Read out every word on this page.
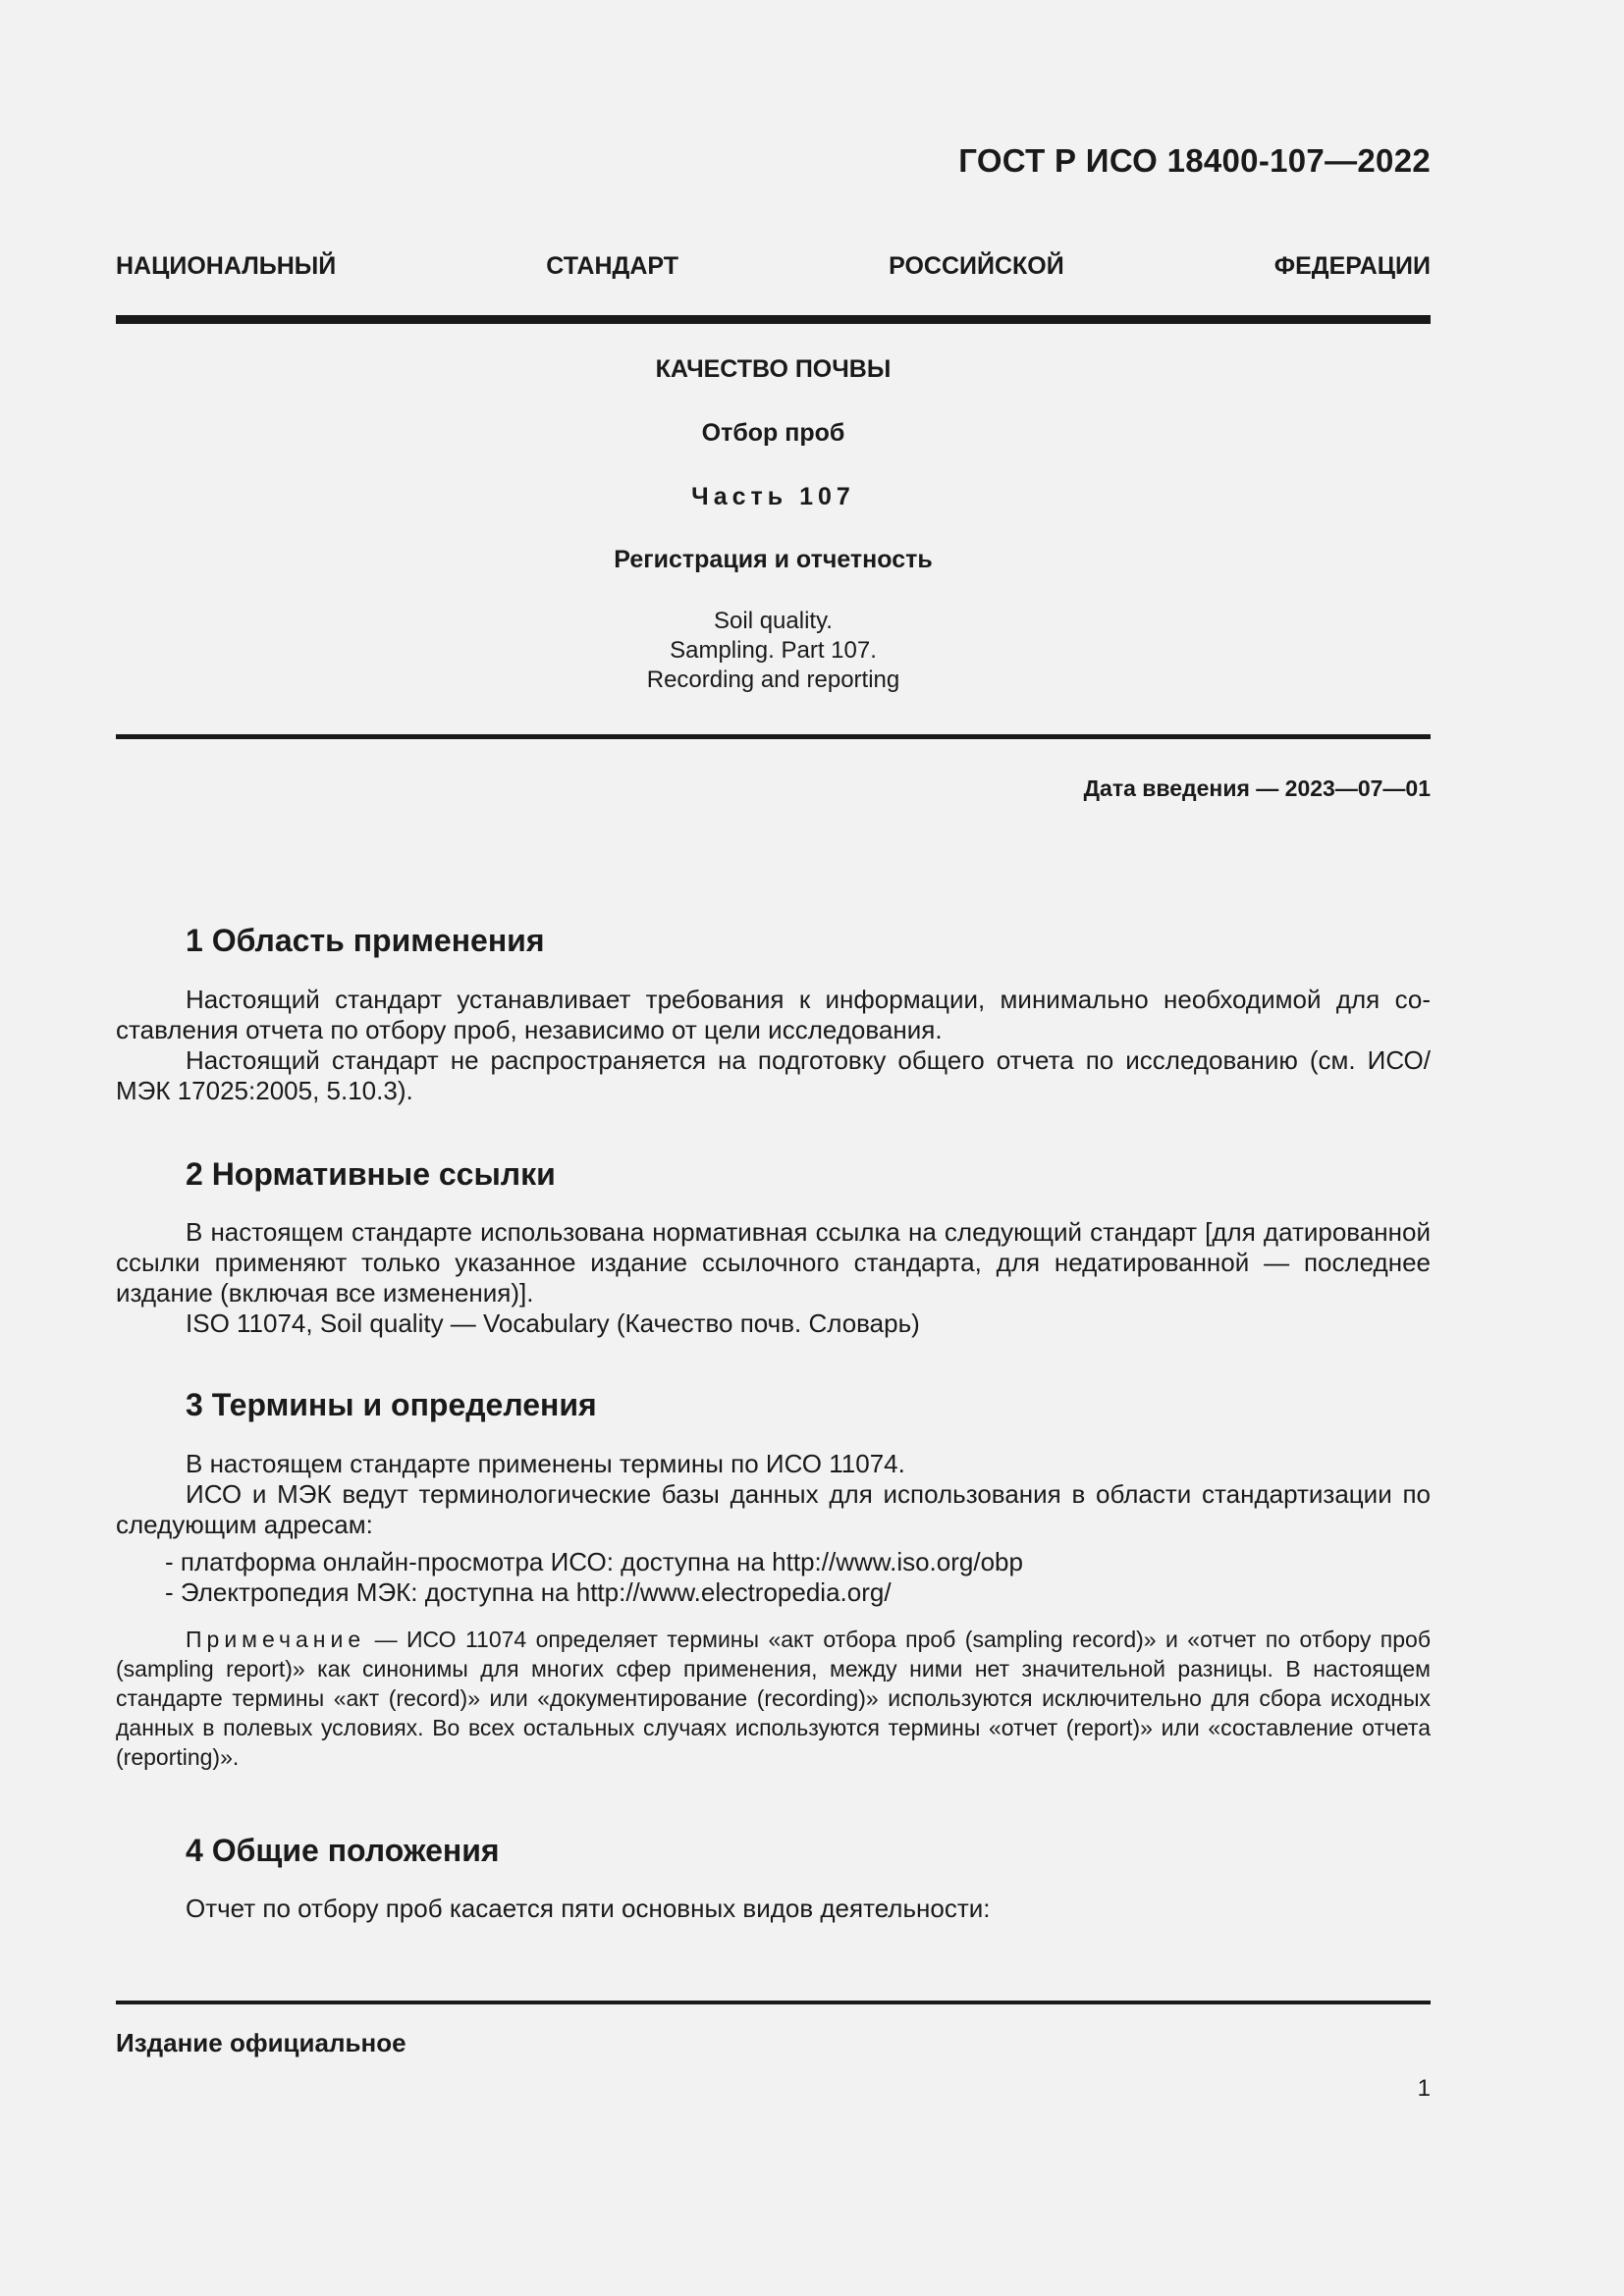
ГОСТ Р ИСО 18400-107—2022
НАЦИОНАЛЬНЫЙ СТАНДАРТ РОССИЙСКОЙ ФЕДЕРАЦИИ
КАЧЕСТВО ПОЧВЫ
Отбор проб
Часть 107
Регистрация и отчетность
Soil quality.
Sampling. Part 107.
Recording and reporting
Дата введения — 2023—07—01
1 Область применения

Настоящий стандарт устанавливает требования к информации, минимально необходимой для составления отчета по отбору проб, независимо от цели исследования.

Настоящий стандарт не распространяется на подготовку общего отчета по исследованию (см. ИСО/МЭК 17025:2005, 5.10.3).

2 Нормативные ссылки

В настоящем стандарте использована нормативная ссылка на следующий стандарт [для датированной ссылки применяют только указанное издание ссылочного стандарта, для недатированной — последнее издание (включая все изменения)].

ISO 11074, Soil quality — Vocabulary (Качество почв. Словарь)

3 Термины и определения

В настоящем стандарте применены термины по ИСО 11074.

ИСО и МЭК ведут терминологические базы данных для использования в области стандартизации по следующим адресам:

- платформа онлайн-просмотра ИСО: доступна на http://www.iso.org/obp
- Электропедия МЭК: доступна на http://www.electropedia.org/

Примечание — ИСО 11074 определяет термины «акт отбора проб (sampling record)» и «отчет по отбору проб (sampling report)» как синонимы для многих сфер применения, между ними нет значительной разницы. В настоящем стандарте термины «акт (record)» или «документирование (recording)» используются исключительно для сбора исходных данных в полевых условиях. Во всех остальных случаях используются термины «отчет (report)» или «составление отчета (reporting)».

4 Общие положения

Отчет по отбору проб касается пяти основных видов деятельности:

Издание официальное
1
